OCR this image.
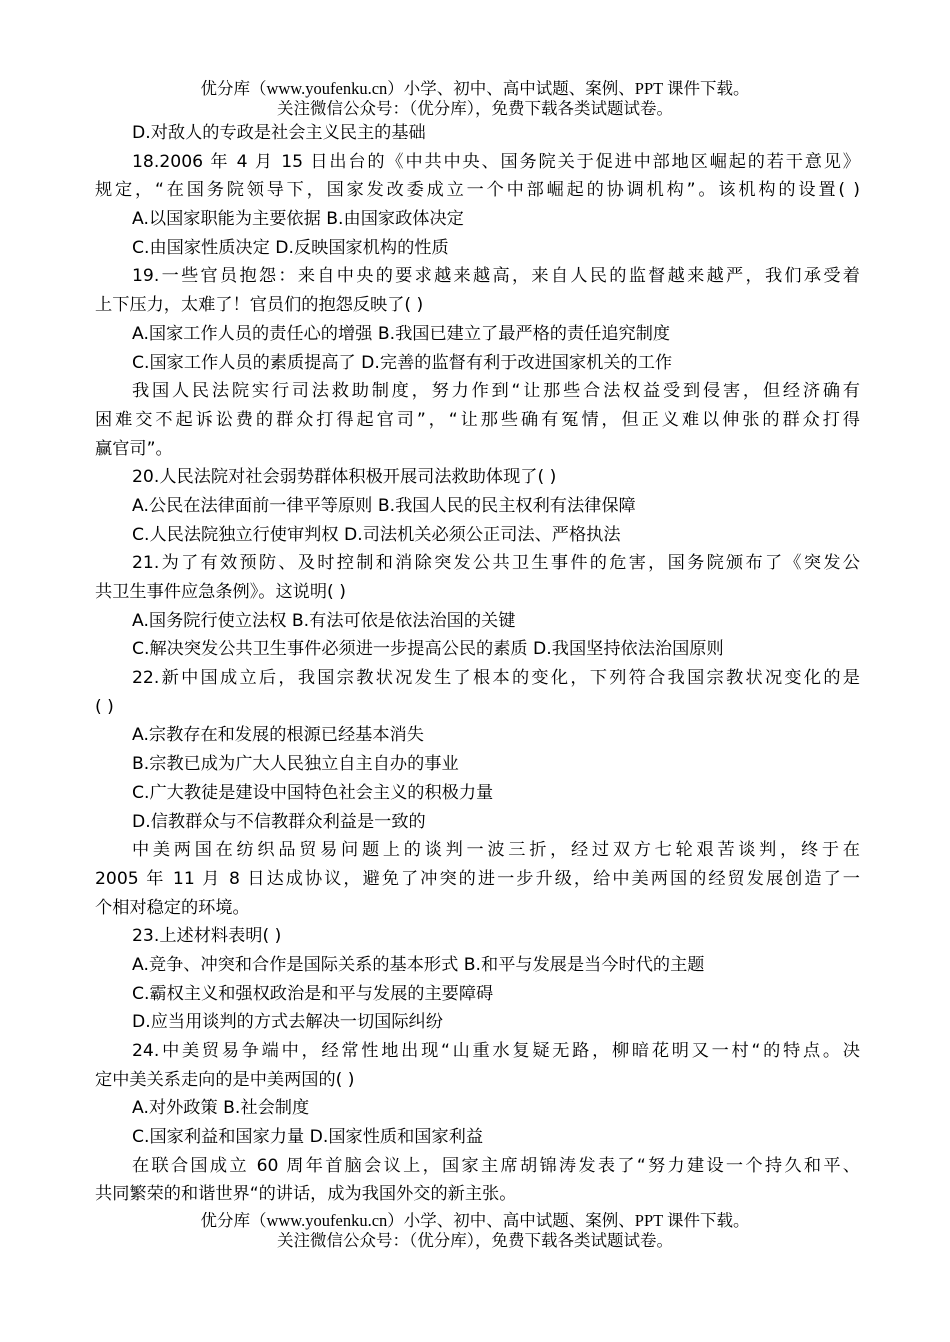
优分库（www.youfenku.cn）小学、初中、高中试题、案例、PPT 课件下载。
关注微信公众号：（优分库），免费下载各类试题试卷。
D.对敌人的专政是社会主义民主的基础
18.2006 年 4 月 15 日出台的《中共中央、国务院关于促进中部地区崛起的若干意见》
规定，“在国务院领导下，国家发改委成立一个中部崛起的协调机构”。该机构的设置( )
A.以国家职能为主要依据 B.由国家政体决定
C.由国家性质决定 D.反映国家机构的性质
19.一些官员抱怨：来自中央的要求越来越高，来自人民的监督越来越严，我们承受着
上下压力，太难了！官员们的抱怨反映了( )
A.国家工作人员的责任心的增强 B.我国已建立了最严格的责任追究制度
C.国家工作人员的素质提高了 D.完善的监督有利于改进国家机关的工作
我国人民法院实行司法救助制度，努力作到“让那些合法权益受到侵害，但经济确有
困难交不起诉讼费的群众打得起官司”，“让那些确有冤情，但正义难以伸张的群众打得
赢官司”。
20.人民法院对社会弱势群体积极开展司法救助体现了( )
A.公民在法律面前一律平等原则 B.我国人民的民主权利有法律保障
C.人民法院独立行使审判权 D.司法机关必须公正司法、严格执法
21.为了有效预防、及时控制和消除突发公共卫生事件的危害，国务院颁布了《突发公
共卫生事件应急条例》。这说明( )
A.国务院行使立法权 B.有法可依是依法治国的关键
C.解决突发公共卫生事件必须进一步提高公民的素质 D.我国坚持依法治国原则
22.新中国成立后，我国宗教状况发生了根本的变化，下列符合我国宗教状况变化的是
( )
A.宗教存在和发展的根源已经基本消失
B.宗教已成为广大人民独立自主自办的事业
C.广大教徒是建设中国特色社会主义的积极力量
D.信教群众与不信教群众利益是一致的
中美两国在纺织品贸易问题上的谈判一波三折，经过双方七轮艰苦谈判，终于在
2005 年 11 月 8 日达成协议，避免了冲突的进一步升级，给中美两国的经贸发展创造了一
个相对稳定的环境。
23.上述材料表明( )
A.竞争、冲突和合作是国际关系的基本形式 B.和平与发展是当今时代的主题
C.霸权主义和强权政治是和平与发展的主要障碍
D.应当用谈判的方式去解决一切国际纠纷
24.中美贸易争端中，经常性地出现“山重水复疑无路，柳暗花明又一村“的特点。决
定中美关系走向的是中美两国的( )
A.对外政策 B.社会制度
C.国家利益和国家力量 D.国家性质和国家利益
在联合国成立 60 周年首脑会议上，国家主席胡锦涛发表了“努力建设一个持久和平、
共同繁荣的和谐世界“的讲话，成为我国外交的新主张。
优分库（www.youfenku.cn）小学、初中、高中试题、案例、PPT 课件下载。
关注微信公众号：（优分库），免费下载各类试题试卷。
